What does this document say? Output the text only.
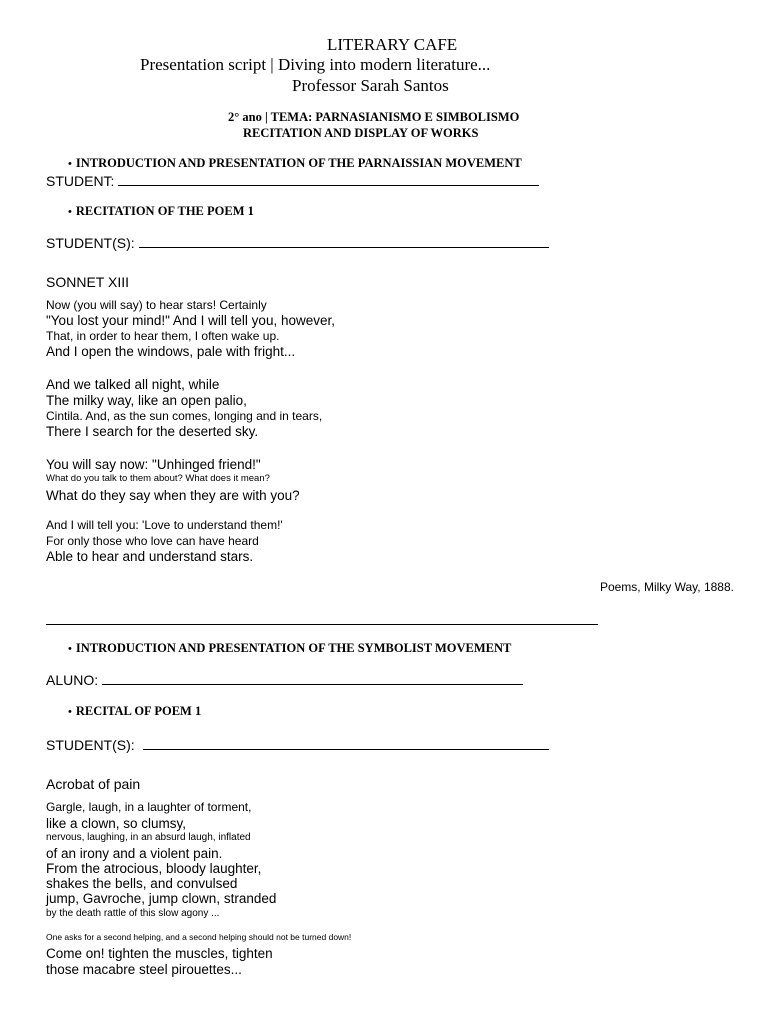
LITERARY CAFE
Presentation script | Diving into modern literature...
Professor Sarah Santos
2° ano | TEMA: PARNASIANISMO E SIMBOLISMO
RECITATION AND DISPLAY OF WORKS
• INTRODUCTION AND PRESENTATION OF THE PARNAISSIAN MOVEMENT
STUDENT:
• RECITATION OF THE POEM 1
STUDENT(S):
SONNET XIII
Now (you will say) to hear stars! Certainly
"You lost your mind!" And I will tell you, however,
That, in order to hear them, I often wake up.
And I open the windows, pale with fright...
And we talked all night, while
The milky way, like an open palio,
Cintila. And, as the sun comes, longing and in tears,
There I search for the deserted sky.
You will say now: "Unhinged friend!"
What do you talk to them about? What does it mean?
What do they say when they are with you?
And I will tell you: 'Love to understand them!'
For only those who love can have heard
Able to hear and understand stars.
Poems, Milky Way, 1888.
• INTRODUCTION AND PRESENTATION OF THE SYMBOLIST MOVEMENT
ALUNO:
• RECITAL OF POEM 1
STUDENT(S):
Acrobat of pain
Gargle, laugh, in a laughter of torment,
like a clown, so clumsy,
nervous, laughing, in an absurd laugh, inflated
of an irony and a violent pain.
From the atrocious, bloody laughter,
shakes the bells, and convulsed
jump, Gavroche, jump clown, stranded
by the death rattle of this slow agony ...
One asks for a second helping, and a second helping should not be turned down!
Come on! tighten the muscles, tighten
those macabre steel pirouettes...
